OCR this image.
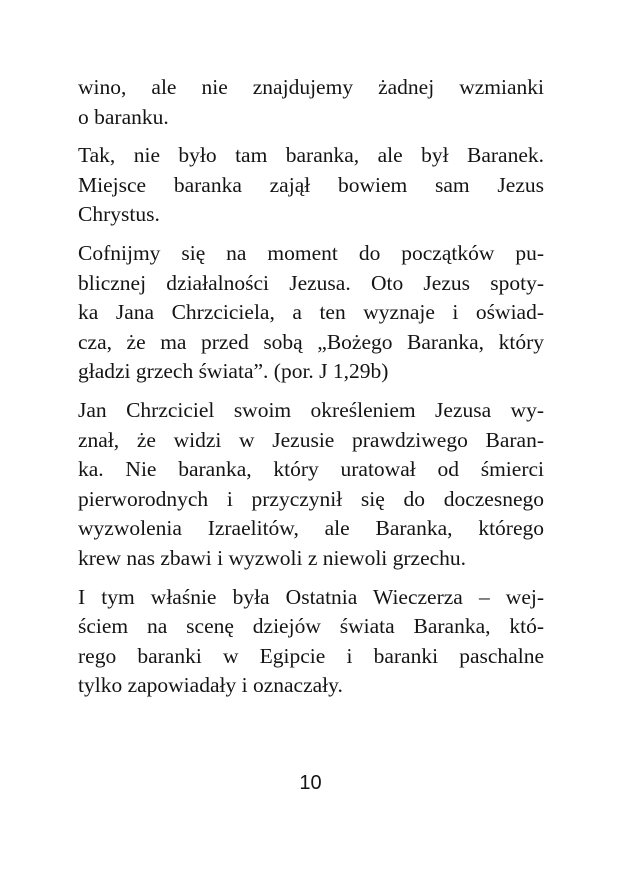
wino, ale nie znajdujemy żadnej wzmianki
o baranku.

Tak, nie było tam baranka, ale był Baranek.
Miejsce baranka zajął bowiem sam Jezus
Chrystus.

Cofnijmy się na moment do początków pu-
blicznej działalności Jezusa. Oto Jezus spoty-
ka Jana Chrzciciela, a ten wyznaje i oświad-
cza, że ma przed sobą „Bożego Baranka, który
gładzi grzech świata”. (por. J 1,29b)

Jan Chrzciciel swoim określeniem Jezusa wy-
znał, że widzi w Jezusie prawdziwego Baran-
ka. Nie baranka, który uratował od śmierci
pierworodnych i przyczynił się do doczesnego
wyzwolenia Izraelitów, ale Baranka, którego
krew nas zbawi i wyzwoli z niewoli grzechu.

I tym właśnie była Ostatnia Wieczerza – wej-
ściem na scenę dziejów świata Baranka, któ-
rego baranki w Egipcie i baranki paschalne
tylko zapowiadały i oznaczały.

10
